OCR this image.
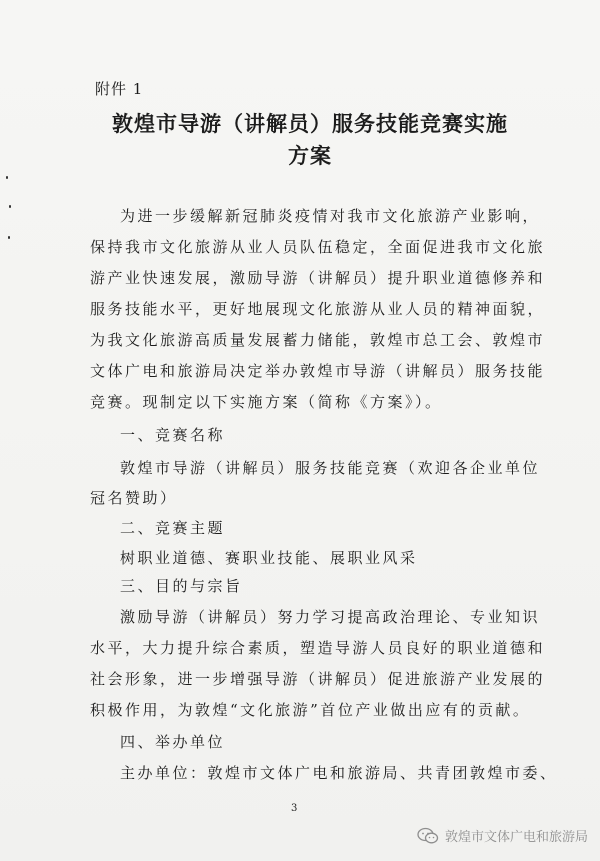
附件 1
敦煌市导游（讲解员）服务技能竞赛实施
方案
为进一步缓解新冠肺炎疫情对我市文化旅游产业影响，
保持我市文化旅游从业人员队伍稳定，全面促进我市文化旅
游产业快速发展，激励导游（讲解员）提升职业道德修养和
服务技能水平，更好地展现文化旅游从业人员的精神面貌，
为我文化旅游高质量发展蓄力储能，敦煌市总工会、敦煌市
文体广电和旅游局决定举办敦煌市导游（讲解员）服务技能
竞赛。现制定以下实施方案（简称《方案》）。
一、竞赛名称
敦煌市导游（讲解员）服务技能竞赛（欢迎各企业单位
冠名赞助）
二、竞赛主题
树职业道德、赛职业技能、展职业风采
三、目的与宗旨
激励导游（讲解员）努力学习提高政治理论、专业知识
水平，大力提升综合素质，塑造导游人员良好的职业道德和
社会形象，进一步增强导游（讲解员）促进旅游产业发展的
积极作用，为敦煌“文化旅游”首位产业做出应有的贡献。
四、举办单位
主办单位：敦煌市文体广电和旅游局、共青团敦煌市委、
3
敦煌市文体广电和旅游局
